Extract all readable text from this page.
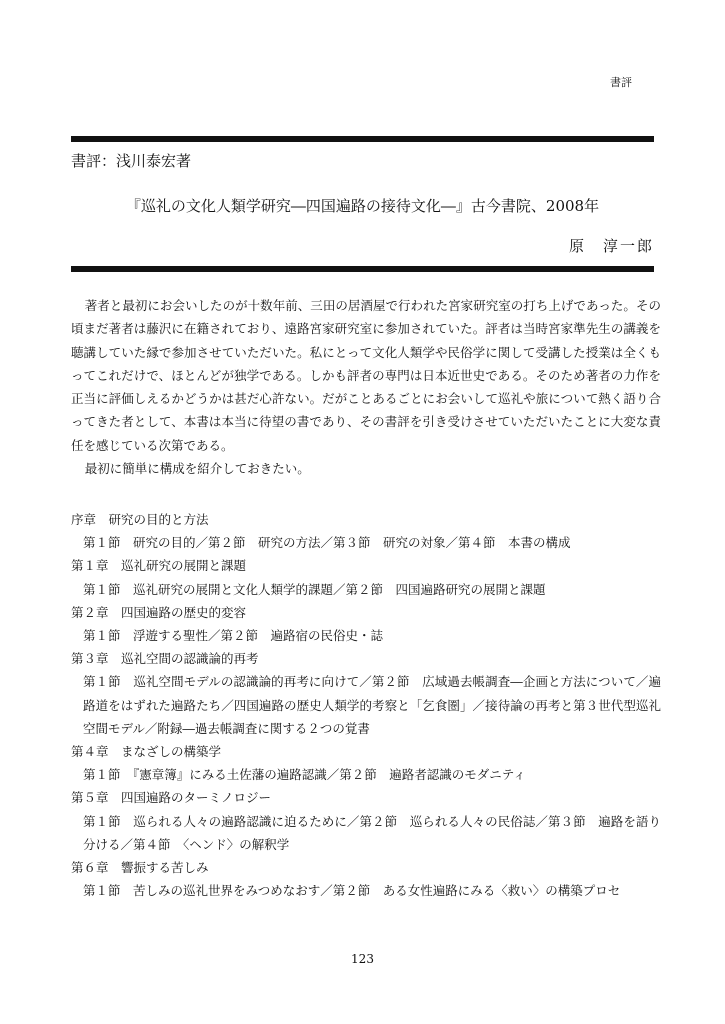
書評
書評：浅川泰宏著
『巡礼の文化人類学研究―四国遍路の接待文化―』古今書院、2008年
原　淳一郎

著者と最初にお会いしたのが十数年前、三田の居酒屋で行われた宮家研究室の打ち上げであった。その頃まだ著者は藤沢に在籍されており、遠路宮家研究室に参加されていた。評者は当時宮家準先生の講義を聴講していた縁で参加させていただいた。私にとって文化人類学や民俗学に関して受講した授業は全くもってこれだけで、ほとんどが独学である。しかも評者の専門は日本近世史である。そのため著者の力作を正当に評価しえるかどうかは甚だ心許ない。だがことあるごとにお会いして巡礼や旅について熱く語り合ってきた者として、本書は本当に待望の書であり、その書評を引き受けさせていただいたことに大変な責任を感じている次第である。

最初に簡単に構成を紹介しておきたい。

序章　研究の目的と方法
第１節　研究の目的／第２節　研究の方法／第３節　研究の対象／第４節　本書の構成
第１章　巡礼研究の展開と課題
第１節　巡礼研究の展開と文化人類学的課題／第２節　四国遍路研究の展開と課題
第２章　四国遍路の歴史的変容
第１節　浮遊する聖性／第２節　遍路宿の民俗史・誌
第３章　巡礼空間の認識論的再考
第１節　巡礼空間モデルの認識論的再考に向けて／第２節　広域過去帳調査―企画と方法について／遍路道をはずれた遍路たち／四国遍路の歴史人類学的考察と「乞食圏」／接待論の再考と第３世代型巡礼空間モデル／附録―過去帳調査に関する２つの覚書
第４章　まなざしの構築学
第１節　『憲章簿』にみる土佐藩の遍路認識／第２節　遍路者認識のモダニティ
第５章　四国遍路のターミノロジー
第１節　巡られる人々の遍路認識に迫るために／第２節　巡られる人々の民俗誌／第３節　遍路を語り分ける／第４節　〈ヘンド〉の解釈学
第６章　響振する苦しみ
第１節　苦しみの巡礼世界をみつめなおす／第２節　ある女性遍路にみる〈救い〉の構築プロセ
123
